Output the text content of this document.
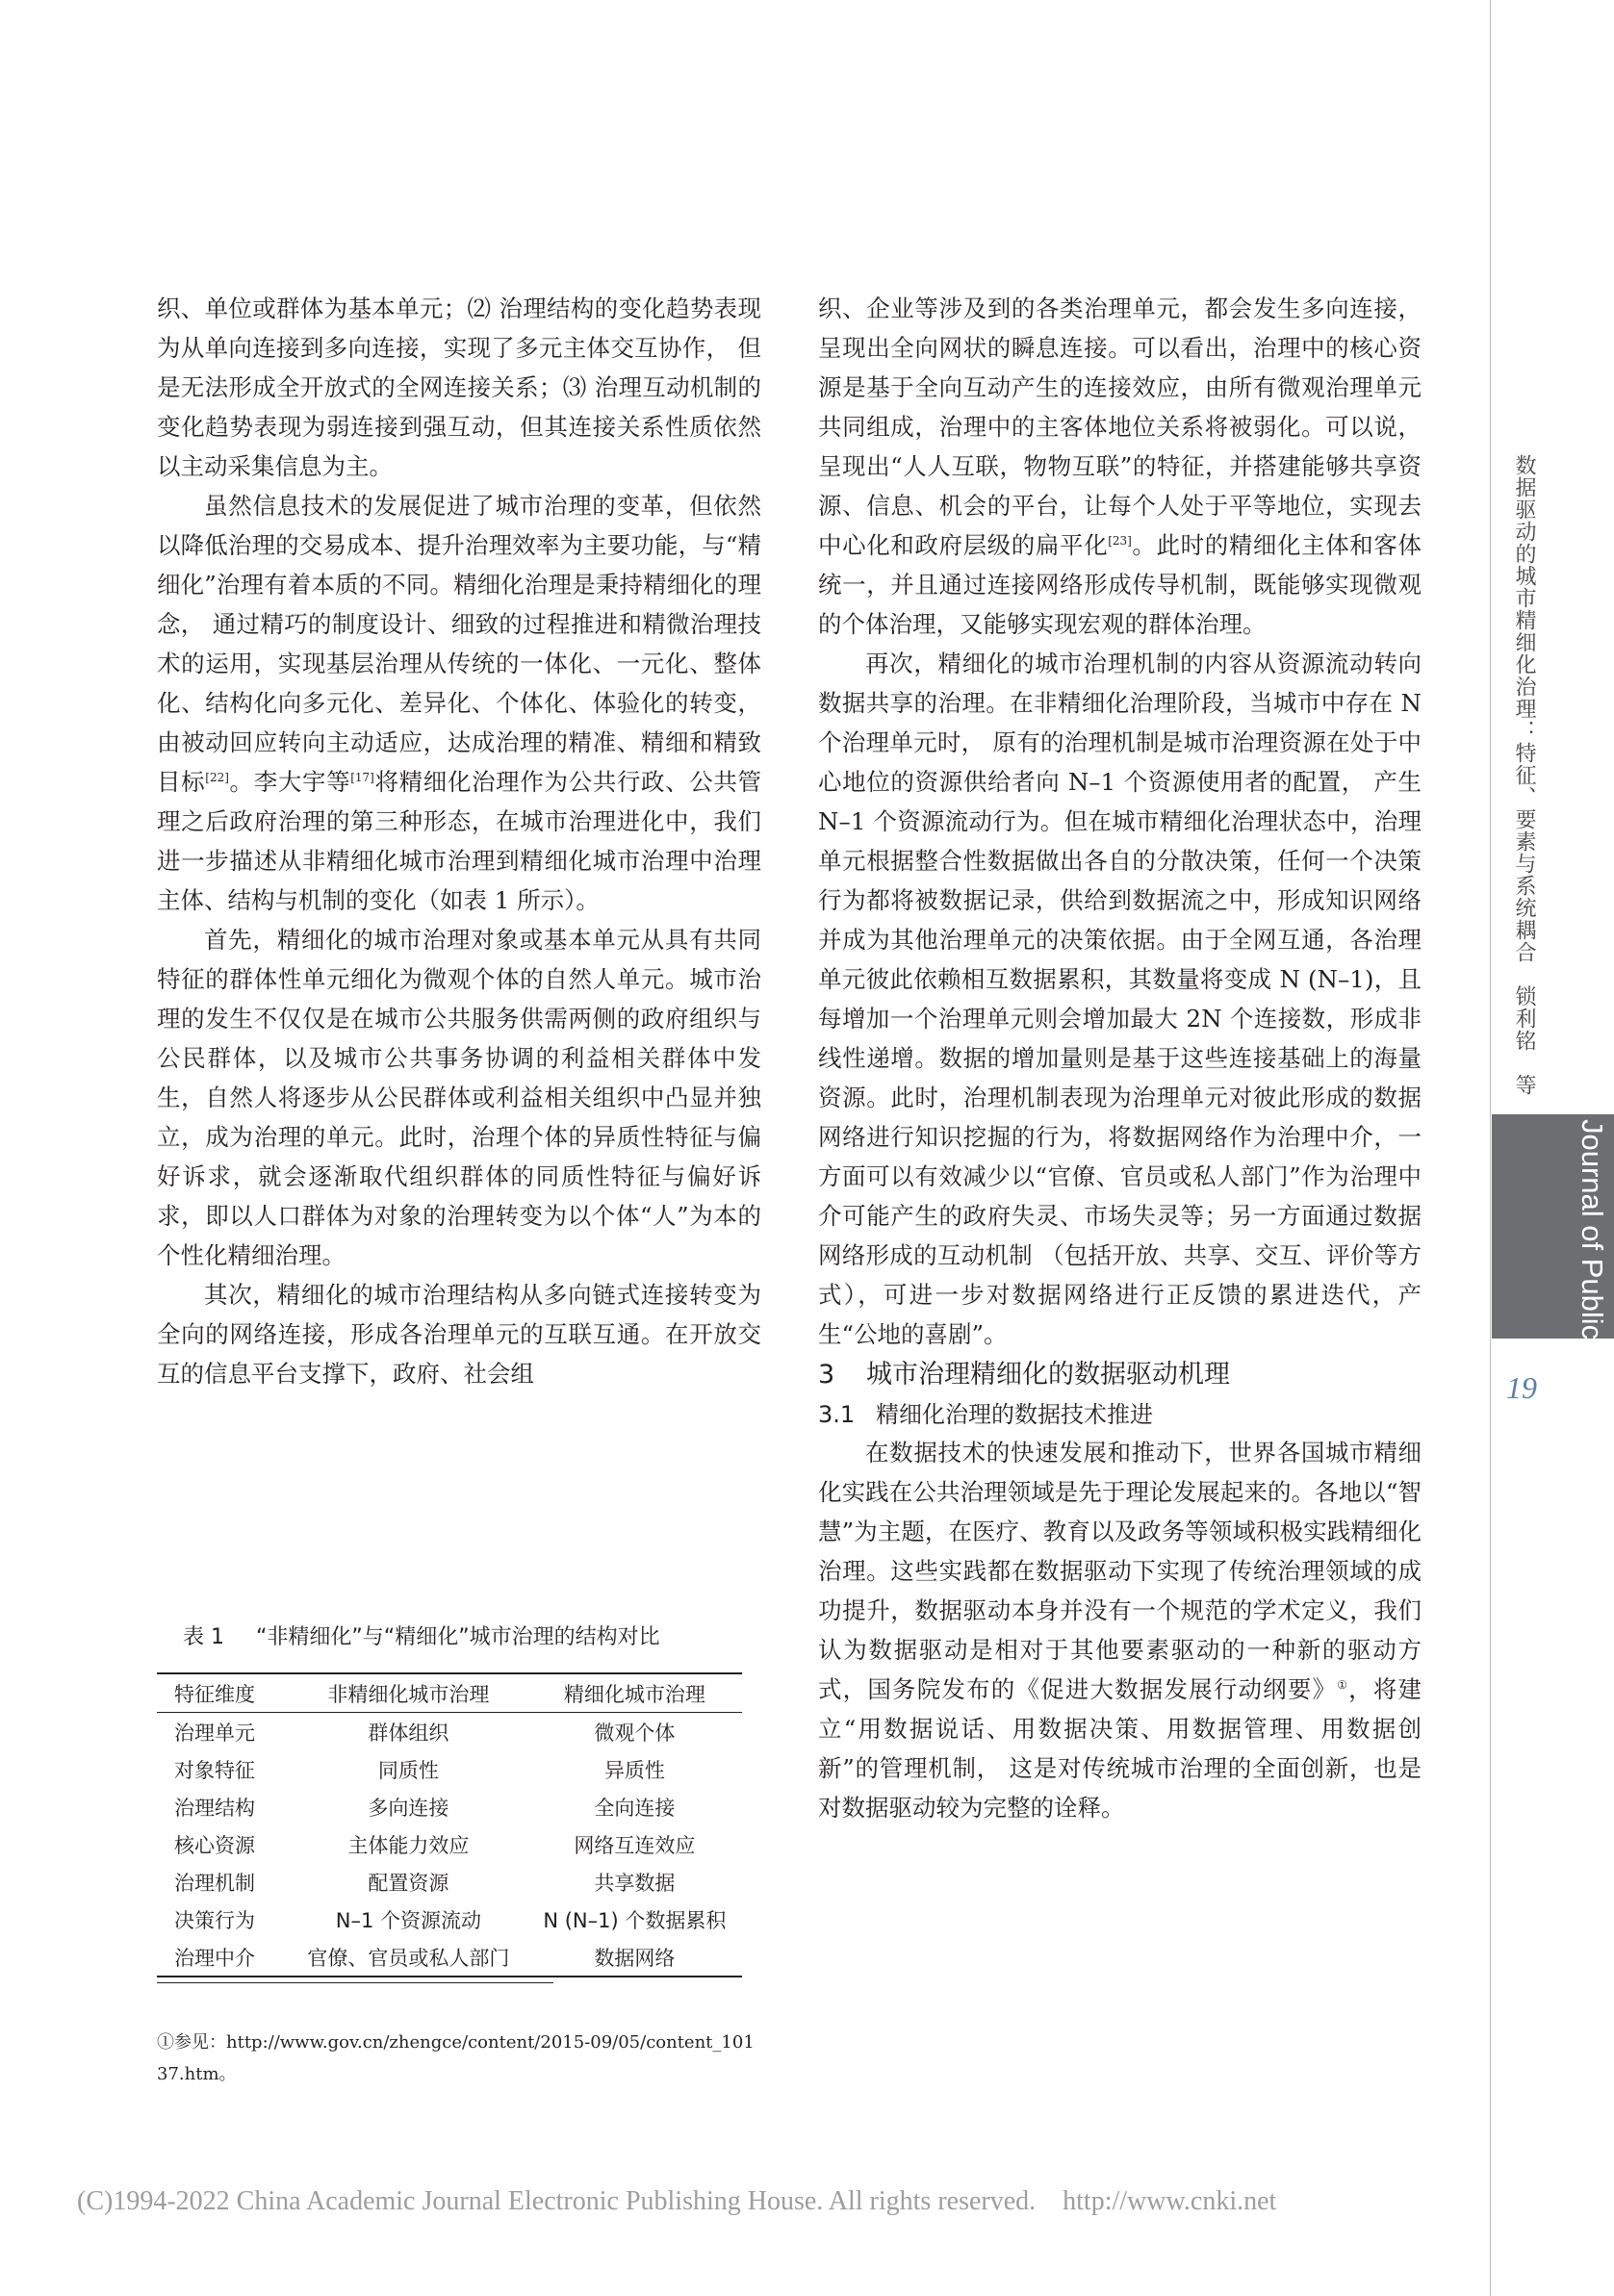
织、单位或群体为基本单元；⑵ 治理结构的变化趋势表现为从单向连接到多向连接，实现了多元主体交互协作， 但是无法形成全开放式的全网连接关系；⑶ 治理互动机制的变化趋势表现为弱连接到强互动，但其连接关系性质依然以主动采集信息为主。

虽然信息技术的发展促进了城市治理的变革，但依然以降低治理的交易成本、提升治理效率为主要功能，与“精细化”治理有着本质的不同。精细化治理是秉持精细化的理念， 通过精巧的制度设计、细致的过程推进和精微治理技术的运用，实现基层治理从传统的一体化、一元化、整体化、结构化向多元化、差异化、个体化、体验化的转变，由被动回应转向主动适应，达成治理的精准、精细和精致目标[22]。李大宇等[17]将精细化治理作为公共行政、公共管理之后政府治理的第三种形态，在城市治理进化中，我们进一步描述从非精细化城市治理到精细化城市治理中治理主体、结构与机制的变化（如表 1 所示）。

首先，精细化的城市治理对象或基本单元从具有共同特征的群体性单元细化为微观个体的自然人单元。城市治理的发生不仅仅是在城市公共服务供需两侧的政府组织与公民群体，以及城市公共事务协调的利益相关群体中发生，自然人将逐步从公民群体或利益相关组织中凸显并独立，成为治理的单元。此时，治理个体的异质性特征与偏好诉求，就会逐渐取代组织群体的同质性特征与偏好诉求，即以人口群体为对象的治理转变为以个体“人”为本的个性化精细治理。

其次，精细化的城市治理结构从多向链式连接转变为全向的网络连接，形成各治理单元的互联互通。在开放交互的信息平台支撑下，政府、社会组

表 1 “非精细化”与“精细化”城市治理的结构对比
特征维度	非精细化城市治理	精细化城市治理
治理单元	群体组织	微观个体
对象特征	同质性	异质性
治理结构	多向连接	全向连接
核心资源	主体能力效应	网络互连效应
治理机制	配置资源	共享数据
决策行为	N–1 个资源流动	N (N–1) 个数据累积
治理中介	官僚、官员或私人部门	数据网络
①参见：http://www.gov.cn/zhengce/content/2015-09/05/content_10137.htm。

织、企业等涉及到的各类治理单元，都会发生多向连接，呈现出全向网状的瞬息连接。可以看出，治理中的核心资源是基于全向互动产生的连接效应，由所有微观治理单元共同组成，治理中的主客体地位关系将被弱化。可以说，呈现出“人人互联，物物互联”的特征，并搭建能够共享资源、信息、机会的平台，让每个人处于平等地位，实现去中心化和政府层级的扁平化[23]。此时的精细化主体和客体统一，并且通过连接网络形成传导机制，既能够实现微观的个体治理，又能够实现宏观的群体治理。

再次，精细化的城市治理机制的内容从资源流动转向数据共享的治理。在非精细化治理阶段，当城市中存在 N 个治理单元时， 原有的治理机制是城市治理资源在处于中心地位的资源供给者向 N–1 个资源使用者的配置， 产生 N–1 个资源流动行为。但在城市精细化治理状态中，治理单元根据整合性数据做出各自的分散决策，任何一个决策行为都将被数据记录，供给到数据流之中，形成知识网络并成为其他治理单元的决策依据。由于全网互通，各治理单元彼此依赖相互数据累积，其数量将变成 N (N–1)，且每增加一个治理单元则会增加最大 2N 个连接数，形成非线性递增。数据的增加量则是基于这些连接基础上的海量资源。此时，治理机制表现为治理单元对彼此形成的数据网络进行知识挖掘的行为，将数据网络作为治理中介，一方面可以有效减少以“官僚、官员或私人部门”作为治理中介可能产生的政府失灵、市场失灵等；另一方面通过数据网络形成的互动机制 （包括开放、共享、交互、评价等方式），可进一步对数据网络进行正反馈的累进迭代，产生“公地的喜剧”。

3 城市治理精细化的数据驱动机理

3.1 精细化治理的数据技术推进

在数据技术的快速发展和推动下，世界各国城市精细化实践在公共治理领域是先于理论发展起来的。各地以“智慧”为主题，在医疗、教育以及政务等领域积极实践精细化治理。这些实践都在数据驱动下实现了传统治理领域的成功提升，数据驱动本身并没有一个规范的学术定义，我们认为数据驱动是相对于其他要素驱动的一种新的驱动方式，国务院发布的《促进大数据发展行动纲要》①，将建立“用数据说话、用数据决策、用数据管理、用数据创新”的管理机制， 这是对传统城市治理的全面创新，也是对数据驱动较为完整的诠释。

数据驱动的城市精细化治理：特征、要素与系统耦合　锁利铭　等
Journal of Public Management
19
(C)1994-2022 China Academic Journal Electronic Publishing House. All rights reserved.    http://www.cnki.net
